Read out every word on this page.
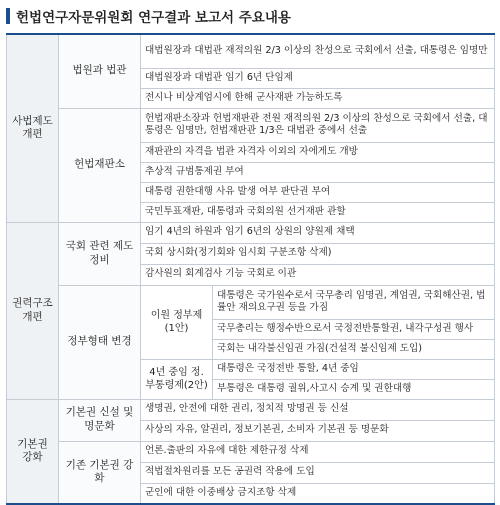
헌법연구자문위원회 연구결과 보고서 주요내용
사법제도 개편	법원과 법관	대법원장과 대법관 재적의원 2/3 이상의 찬성으로 국회에서 선출, 대통령은 임명만	
		대법원장과 대법관 임기 6년 단임제	
		전시나 비상계엄시에 한해 군사재판 가능하도록	
	헌법재판소	헌법재판소장과 헌법재판관 전원 재적의원 2/3 이상의 찬성으로 국회에서 선출, 대통령은 임명만, 헌법재판관 1/3은 대법관 중에서 선출	
		재판관의 자격을 법관 자격자 이외의 자에게도 개방	
		추상적 규범통제권 부여	
		대통령 권한대행 사유 발생 여부 판단권 부여	
		국민투표재판, 대통령과 국회의원 선거재판 관할	
권력구조 개편	국회 관련 제도 정비	임기 4년의 하원과 임기 6년의 상원의 양원제 채택	
		국회 상시화(정기회와 임시회 구분조항 삭제)	
		감사원의 회계검사 기능 국회로 이관	
	정부형태 변경	이원 정부제 (1안)	대통령은 국가원수로서 국무총리 임명권, 계엄권, 국회해산권, 법률안 재의요구권 등을 가짐
			국무총리는 행정수반으로서 국정전반통할권, 내각구성권 행사
			국회는 내각불신임권 가짐(건설적 불신임제 도입)
		4년 중임 정. 부통령제(2안)	대통령은 국정전반 통할, 4년 중임
			부통령은 대통령 궐위,사고시 승계 및 권한대행
기본권 강화	기본권 신설 및 명문화	생명권, 안전에 대한 권리, 정치적 망명권 등 신설	
		사상의 자유, 알권리, 정보기본권, 소비자 기본권 등 명문화	
	기존 기본권 강화	언론.출판의 자유에 대한 제한규정 삭제	
		적법절차원리를 모든 공권력 작용에 도입	
		군인에 대한 이중배상 금지조항 삭제	
